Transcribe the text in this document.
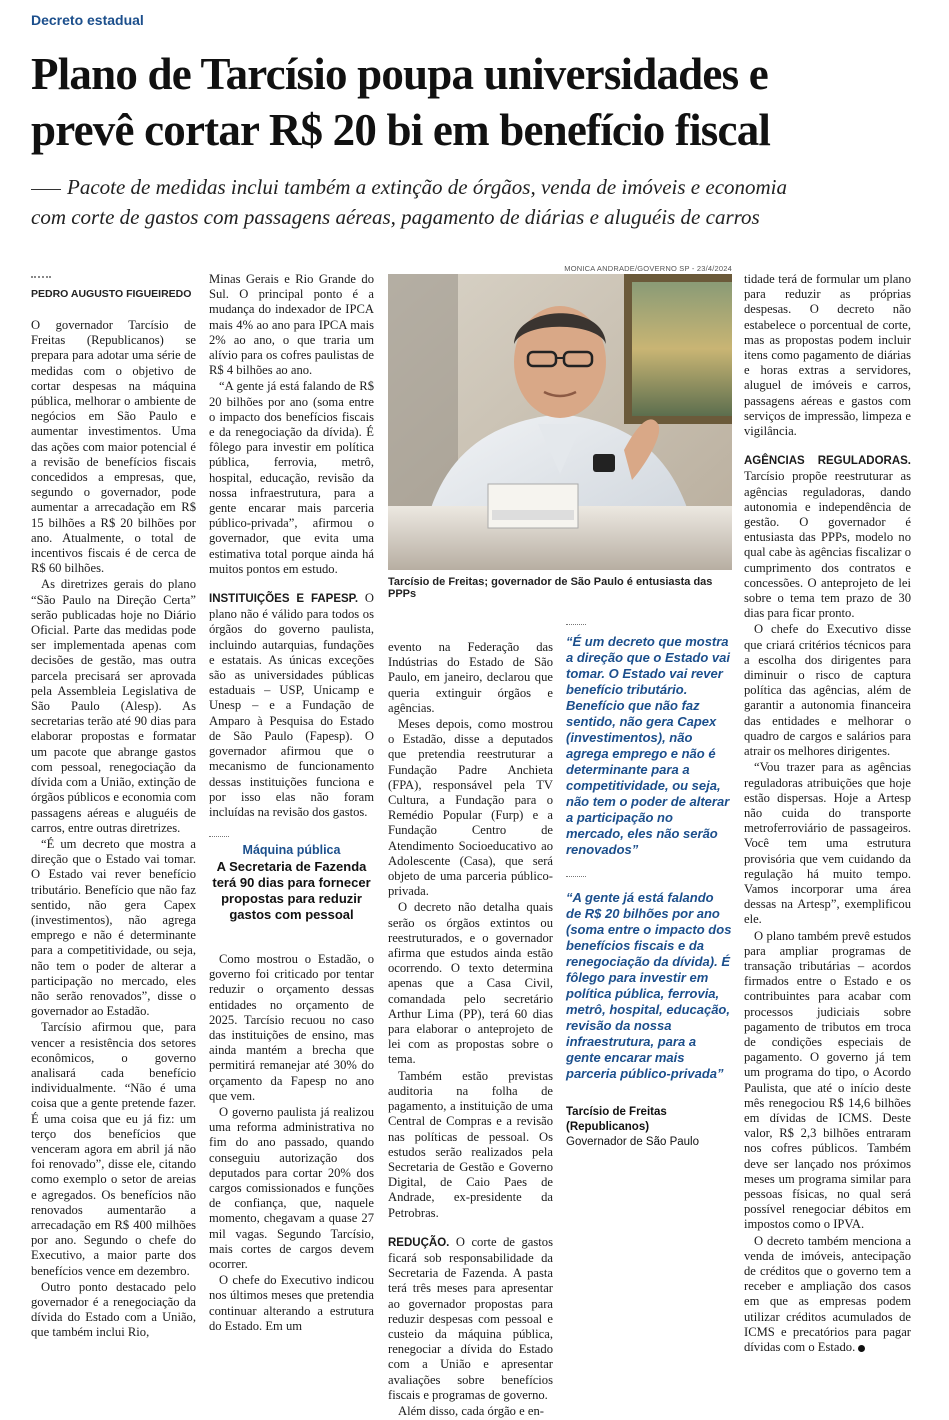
Decreto estadual
Plano de Tarcísio poupa universidades e
prevê cortar R$ 20 bi em benefício fiscal
Pacote de medidas inclui também a extinção de órgãos, venda de imóveis e economia
com corte de gastos com passagens aéreas, pagamento de diárias e aluguéis de carros
PEDRO AUGUSTO FIGUEIREDO

O governador Tarcísio de Freitas (Republicanos) se prepara para adotar uma série de medidas com o objetivo de cortar despesas na máquina pública, melhorar o ambiente de negócios em São Paulo e aumentar investimentos. Uma das ações com maior potencial é a revisão de benefícios fiscais concedidos a empresas, que, segundo o governador, pode aumentar a arrecadação em R$ 15 bilhões a R$ 20 bilhões por ano. Atualmente, o total de incentivos fiscais é de cerca de R$ 60 bilhões.

As diretrizes gerais do plano “São Paulo na Direção Certa” serão publicadas hoje no Diário Oficial. Parte das medidas pode ser implementada apenas com decisões de gestão, mas outra parcela precisará ser aprovada pela Assembleia Legislativa de São Paulo (Alesp). As secretarias terão até 90 dias para elaborar propostas e formatar um pacote que abrange gastos com pessoal, renegociação da dívida com a União, extinção de órgãos públicos e economia com passagens aéreas e aluguéis de carros, entre outras diretrizes.

“É um decreto que mostra a direção que o Estado vai tomar. O Estado vai rever benefício tributário. Benefício que não faz sentido, não gera Capex (investimentos), não agrega emprego e não é determinante para a competitividade, ou seja, não tem o poder de alterar a participação no mercado, eles não serão renovados”, disse o governador ao Estadão.

Tarcísio afirmou que, para vencer a resistência dos setores econômicos, o governo analisará cada benefício individualmente. “Não é uma coisa que a gente pretende fazer. É uma coisa que eu já fiz: um terço dos benefícios que venceram agora em abril já não foi renovado”, disse ele, citando como exemplo o setor de areias e agregados. Os benefícios não renovados aumentarão a arrecadação em R$ 400 milhões por ano. Segundo o chefe do Executivo, a maior parte dos benefícios vence em dezembro.

Outro ponto destacado pelo governador é a renegociação da dívida do Estado com a União, que também inclui Rio,

Minas Gerais e Rio Grande do Sul. O principal ponto é a mudança do indexador de IPCA mais 4% ao ano para IPCA mais 2% ao ano, o que traria um alívio para os cofres paulistas de R$ 4 bilhões ao ano.

“A gente já está falando de R$ 20 bilhões por ano (soma entre o impacto dos benefícios fiscais e da renegociação da dívida). É fôlego para investir em política pública, ferrovia, metrô, hospital, educação, revisão da nossa infraestrutura, para a gente encarar mais parceria público-privada”, afirmou o governador, que evita uma estimativa total porque ainda há muitos pontos em estudo.

INSTITUIÇÕES E FAPESP. O plano não é válido para todos os órgãos do governo paulista, incluindo autarquias, fundações e estatais. As únicas exceções são as universidades públicas estaduais – USP, Unicamp e Unesp – e a Fundação de Amparo à Pesquisa do Estado de São Paulo (Fapesp). O governador afirmou que o mecanismo de funcionamento dessas instituições funciona e por isso elas não foram incluídas na revisão dos gastos.

Máquina pública
A Secretaria de Fazenda terá 90 dias para fornecer propostas para reduzir gastos com pessoal

Como mostrou o Estadão, o governo foi criticado por tentar reduzir o orçamento dessas entidades no orçamento de 2025. Tarcísio recuou no caso das instituições de ensino, mas ainda mantém a brecha que permitirá remanejar até 30% do orçamento da Fapesp no ano que vem.

O governo paulista já realizou uma reforma administrativa no fim do ano passado, quando conseguiu autorização dos deputados para cortar 20% dos cargos comissionados e funções de confiança, que, naquele momento, chegavam a quase 27 mil vagas. Segundo Tarcísio, mais cortes de cargos devem ocorrer.

O chefe do Executivo indicou nos últimos meses que pretendia continuar alterando a estrutura do Estado. Em um

MONICA ANDRADE/GOVERNO SP - 23/4/2024
Tarcísio de Freitas; governador de São Paulo é entusiasta das PPPs

evento na Federação das Indústrias do Estado de São Paulo, em janeiro, declarou que queria extinguir órgãos e agências.

Meses depois, como mostrou o Estadão, disse a deputados que pretendia reestruturar a Fundação Padre Anchieta (FPA), responsável pela TV Cultura, a Fundação para o Remédio Popular (Furp) e a Fundação Centro de Atendimento Socioeducativo ao Adolescente (Casa), que será objeto de uma parceria público-privada.

O decreto não detalha quais serão os órgãos extintos ou reestruturados, e o governador afirma que estudos ainda estão ocorrendo. O texto determina apenas que a Casa Civil, comandada pelo secretário Arthur Lima (PP), terá 60 dias para elaborar o anteprojeto de lei com as propostas sobre o tema.

Também estão previstas auditoria na folha de pagamento, a instituição de uma Central de Compras e a revisão nas políticas de pessoal. Os estudos serão realizados pela Secretaria de Gestão e Governo Digital, de Caio Paes de Andrade, ex-presidente da Petrobras.

REDUÇÃO. O corte de gastos ficará sob responsabilidade da Secretaria de Fazenda. A pasta terá três meses para apresentar ao governador propostas para reduzir despesas com pessoal e custeio da máquina pública, renegociar a dívida do Estado com a União e apresentar avaliações sobre benefícios fiscais e programas de governo.

Além disso, cada órgão e en-

“É um decreto que mostra a direção que o Estado vai tomar. O Estado vai rever benefício tributário. Benefício que não faz sentido, não gera Capex (investimentos), não agrega emprego e não é determinante para a competitividade, ou seja, não tem o poder de alterar a participação no mercado, eles não serão renovados”
“A gente já está falando de R$ 20 bilhões por ano (soma entre o impacto dos benefícios fiscais e da renegociação da dívida). É fôlego para investir em política pública, ferrovia, metrô, hospital, educação, revisão da nossa infraestrutura, para a gente encarar mais parceria público-privada”
Tarcísio de Freitas
(Republicanos)
Governador de São Paulo

tidade terá de formular um plano para reduzir as próprias despesas. O decreto não estabelece o porcentual de corte, mas as propostas podem incluir itens como pagamento de diárias e horas extras a servidores, aluguel de imóveis e carros, passagens aéreas e gastos com serviços de impressão, limpeza e vigilância.

AGÊNCIAS REGULADORAS. Tarcísio propõe reestruturar as agências reguladoras, dando autonomia e independência de gestão. O governador é entusiasta das PPPs, modelo no qual cabe às agências fiscalizar o cumprimento dos contratos e concessões. O anteprojeto de lei sobre o tema tem prazo de 30 dias para ficar pronto.

O chefe do Executivo disse que criará critérios técnicos para a escolha dos dirigentes para diminuir o risco de captura política das agências, além de garantir a autonomia financeira das entidades e melhorar o quadro de cargos e salários para atrair os melhores dirigentes.

“Vou trazer para as agências reguladoras atribuições que hoje estão dispersas. Hoje a Artesp não cuida do transporte metroferroviário de passageiros. Você tem uma estrutura provisória que vem cuidando da regulação há muito tempo. Vamos incorporar uma área dessas na Artesp”, exemplificou ele.

O plano também prevê estudos para ampliar programas de transação tributárias – acordos firmados entre o Estado e os contribuintes para acabar com processos judiciais sobre pagamento de tributos em troca de condições especiais de pagamento. O governo já tem um programa do tipo, o Acordo Paulista, que até o início deste mês renegociou R$ 14,6 bilhões em dívidas de ICMS. Deste valor, R$ 2,3 bilhões entraram nos cofres públicos. Também deve ser lançado nos próximos meses um programa similar para pessoas físicas, no qual será possível renegociar débitos em impostos como o IPVA.

O decreto também menciona a venda de imóveis, antecipação de créditos que o governo tem a receber e ampliação dos casos em que as empresas podem utilizar créditos acumulados de ICMS e precatórios para pagar dívidas com o Estado.
